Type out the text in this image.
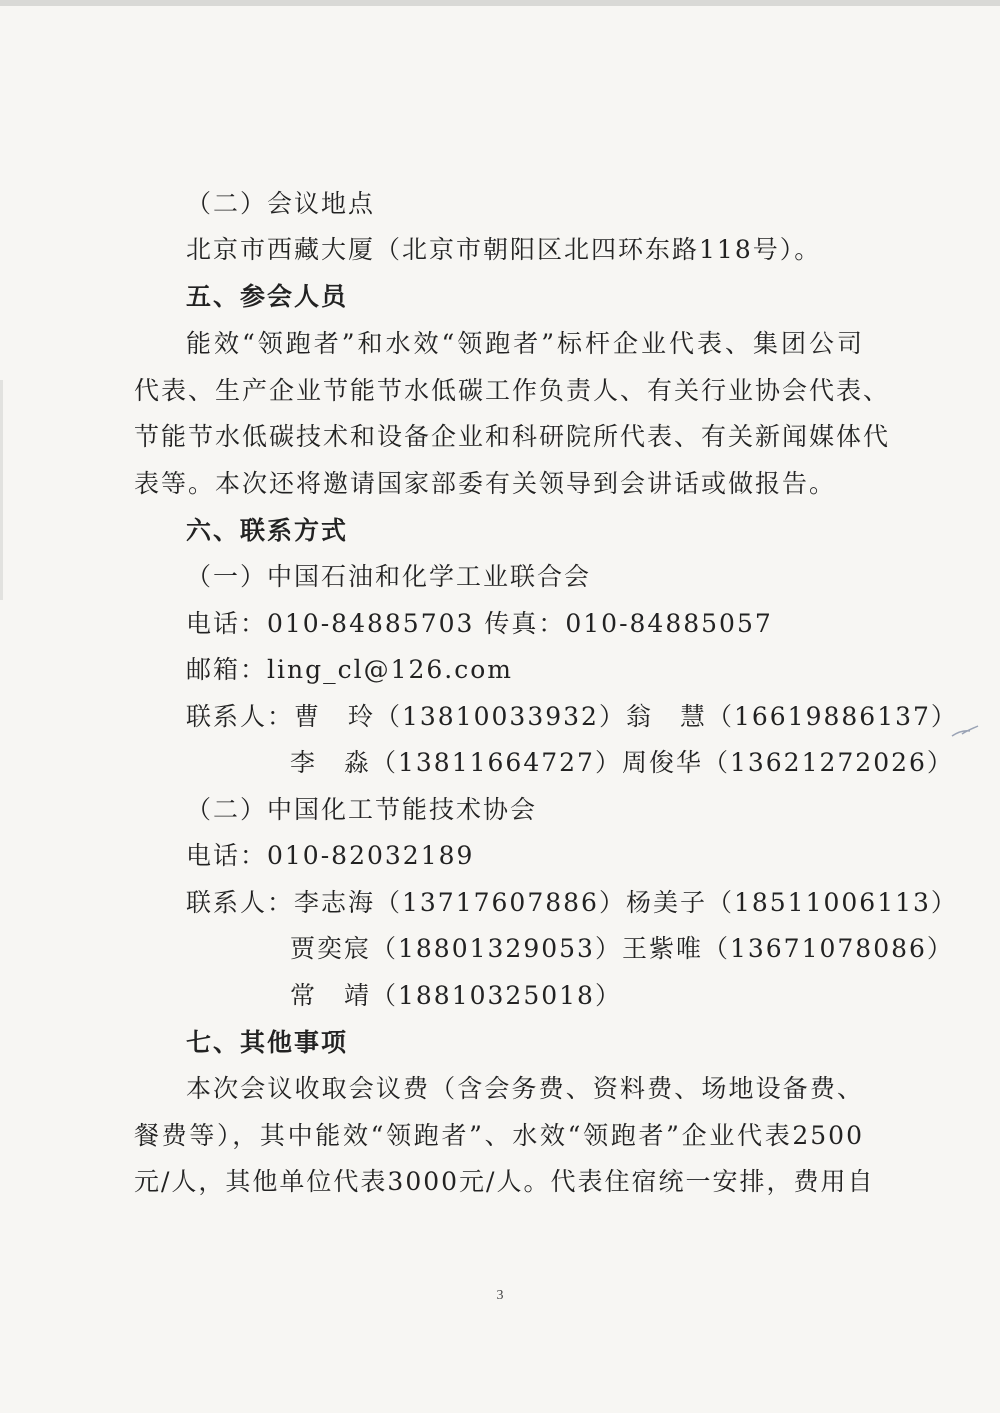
（二）会议地点
北京市西藏大厦（北京市朝阳区北四环东路118号）。
五、参会人员
能效“领跑者”和水效“领跑者”标杆企业代表、集团公司
代表、生产企业节能节水低碳工作负责人、有关行业协会代表、
节能节水低碳技术和设备企业和科研院所代表、有关新闻媒体代
表等。本次还将邀请国家部委有关领导到会讲话或做报告。
六、联系方式
（一）中国石油和化学工业联合会
电话：010-84885703 传真：010-84885057
邮箱：ling_cl@126.com
联系人：曹　玲（13810033932）翁　慧（16619886137）
李　淼（13811664727）周俊华（13621272026）
（二）中国化工节能技术协会
电话：010-82032189
联系人：李志海（13717607886）杨美子（18511006113）
贾奕宸（18801329053）王紫唯（13671078086）
常　靖（18810325018）
七、其他事项
本次会议收取会议费（含会务费、资料费、场地设备费、
餐费等），其中能效“领跑者”、水效“领跑者”企业代表2500
元/人，其他单位代表3000元/人。代表住宿统一安排，费用自
3
